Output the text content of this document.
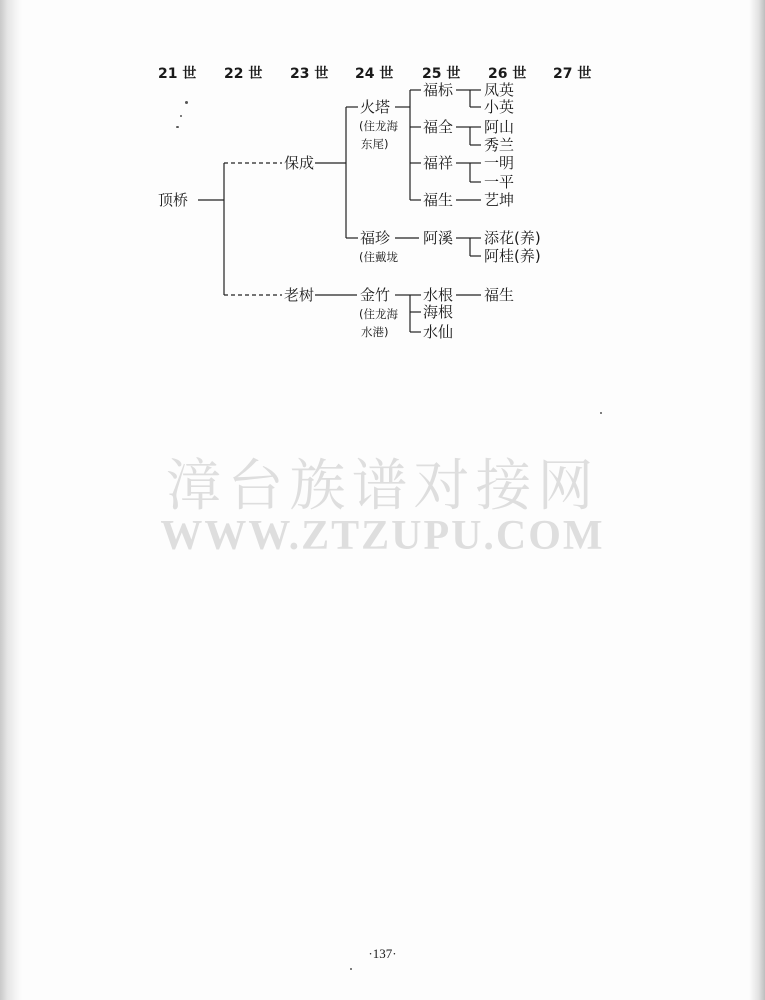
21 世 22 世 23 世 24 世 25 世 26 世 27 世
顶桥
保成
老树
火塔
(住龙海
东尾)
福珍
(住戴垅
金竹
(住龙海
水港)
福标
福全
福祥
福生
阿溪
水根
海根
水仙
凤英
小英
阿山
秀兰
一明
一平
艺坤
添花(养)
阿桂(养)
福生
漳台族谱对接网
WWW.ZTZUPU.COM
·137·
